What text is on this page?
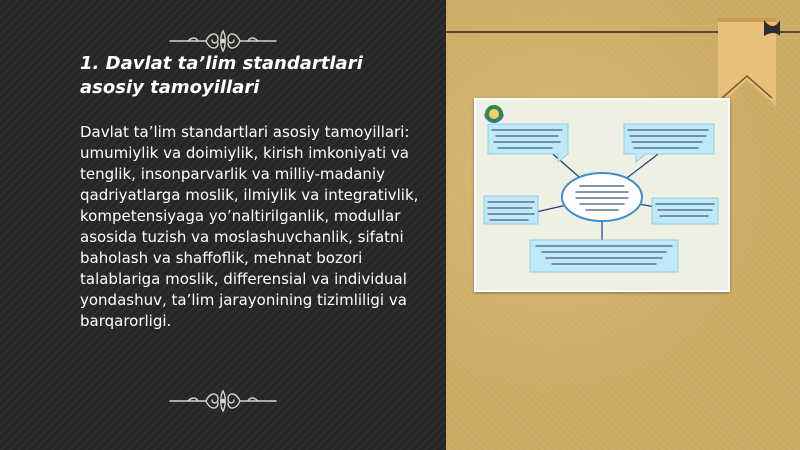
1. Davlat ta’lim standartlari asosiy tamoyillari

Davlat ta’lim standartlari asosiy tamoyillari: umumiylik va doimiylik, kirish imkoniyati va tenglik, insonparvarlik va milliy-madaniy qadriyatlarga moslik, ilmiylik va integrativlik, kompetensiyaga yo’naltirilganlik, modullar asosida tuzish va moslashuvchanlik, sifatni baholash va shaffoflik, mehnat bozori talablariga moslik, differensial va individual yondashuv, ta’lim jarayonining tizimliligi va barqarorligi.
